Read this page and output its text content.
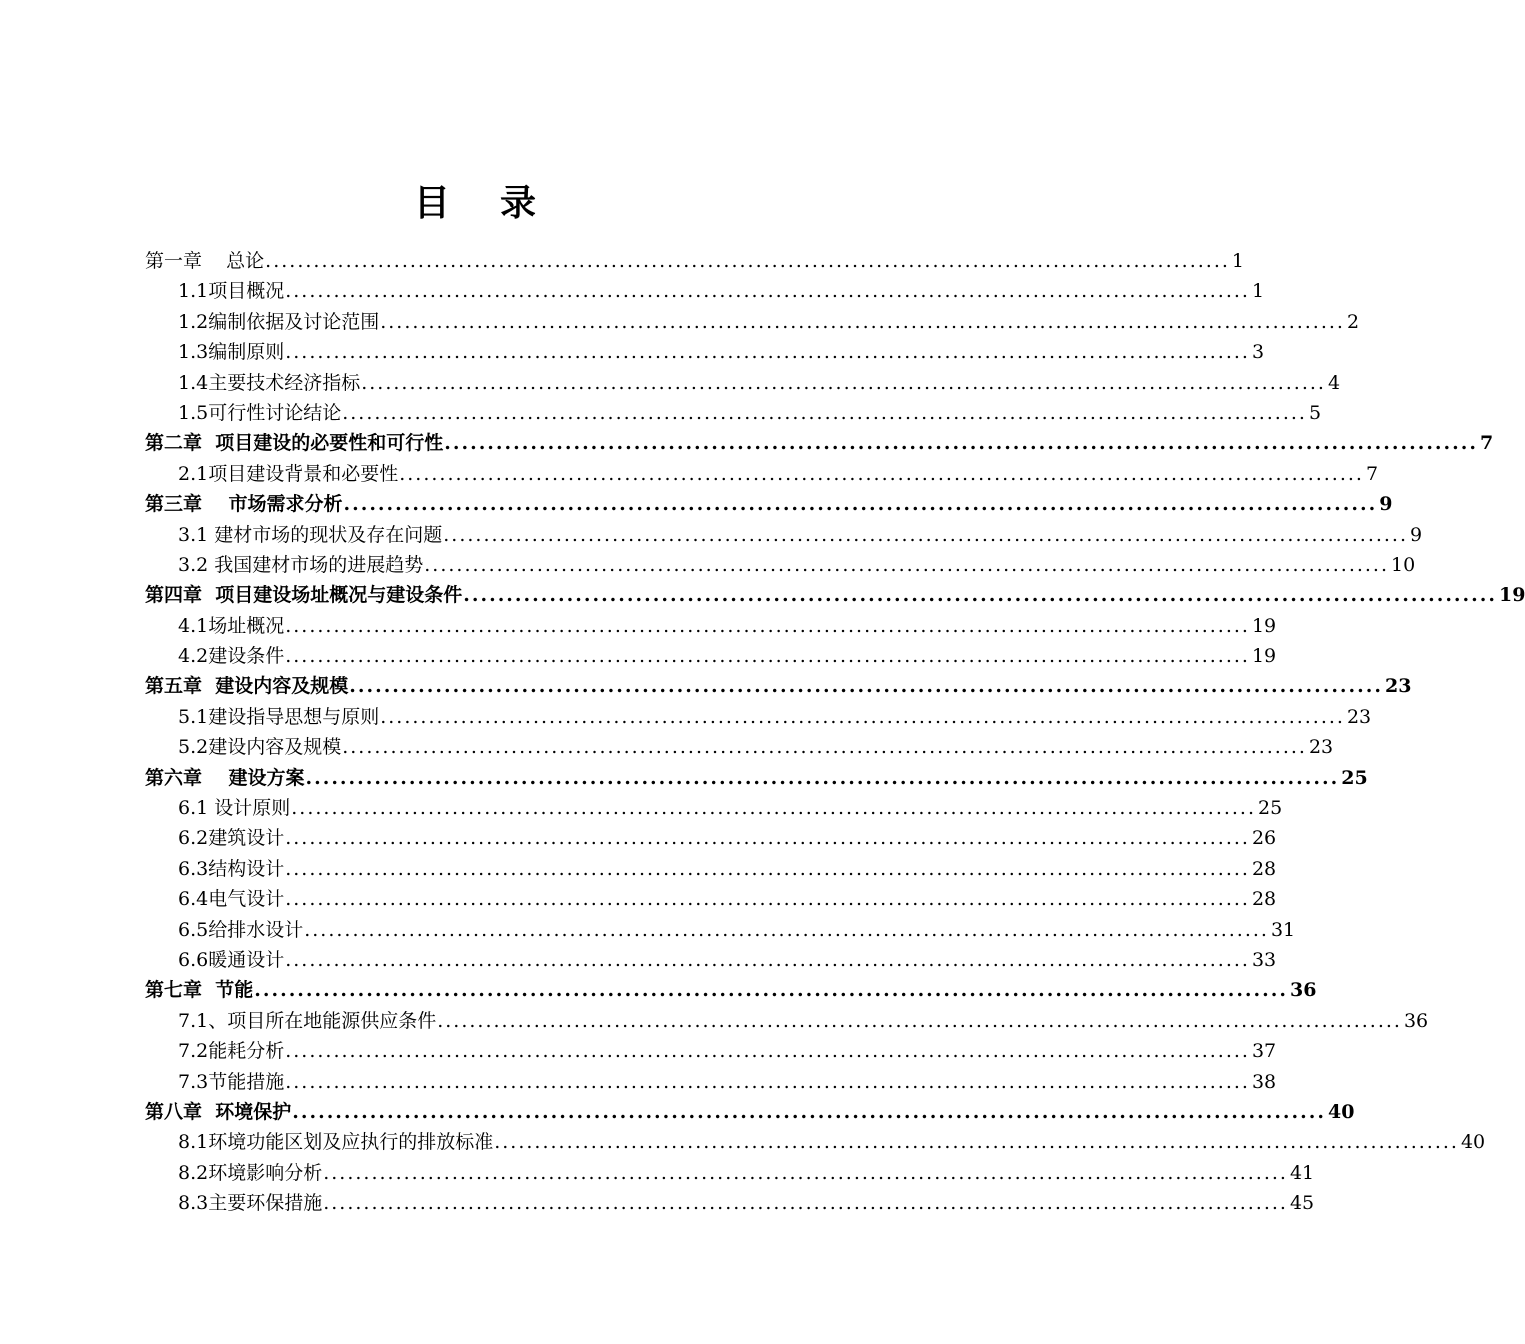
目    录
第一章    总论 ........................................................................................................................ 1
1.1项目概况 ........................................................................................................................ 1
1.2编制依据及讨论范围 ........................................................................................................................ 2
1.3编制原则 ........................................................................................................................ 3
1.4主要技术经济指标 ........................................................................................................................ 4
1.5可行性讨论结论 ........................................................................................................................ 5
第二章  项目建设的必要性和可行性 ........................................................................................................................ 7
2.1项目建设背景和必要性 ........................................................................................................................ 7
第三章    市场需求分析 ........................................................................................................................ 9
3.1 建材市场的现状及存在问题 ........................................................................................................................ 9
3.2 我国建材市场的进展趋势 ........................................................................................................................ 10
第四章  项目建设场址概况与建设条件 ........................................................................................................................ 19
4.1场址概况 ........................................................................................................................ 19
4.2建设条件 ........................................................................................................................ 19
第五章  建设内容及规模 ........................................................................................................................ 23
5.1建设指导思想与原则 ........................................................................................................................ 23
5.2建设内容及规模 ........................................................................................................................ 23
第六章    建设方案 ........................................................................................................................ 25
6.1 设计原则 ........................................................................................................................ 25
6.2建筑设计 ........................................................................................................................ 26
6.3结构设计 ........................................................................................................................ 28
6.4电气设计 ........................................................................................................................ 28
6.5给排水设计 ........................................................................................................................ 31
6.6暖通设计 ........................................................................................................................ 33
第七章  节能 ........................................................................................................................ 36
7.1、项目所在地能源供应条件 ........................................................................................................................ 36
7.2能耗分析 ........................................................................................................................ 37
7.3节能措施 ........................................................................................................................ 38
第八章  环境保护 ........................................................................................................................ 40
8.1环境功能区划及应执行的排放标准 ........................................................................................................................ 40
8.2环境影响分析 ........................................................................................................................ 41
8.3主要环保措施 ........................................................................................................................ 45
